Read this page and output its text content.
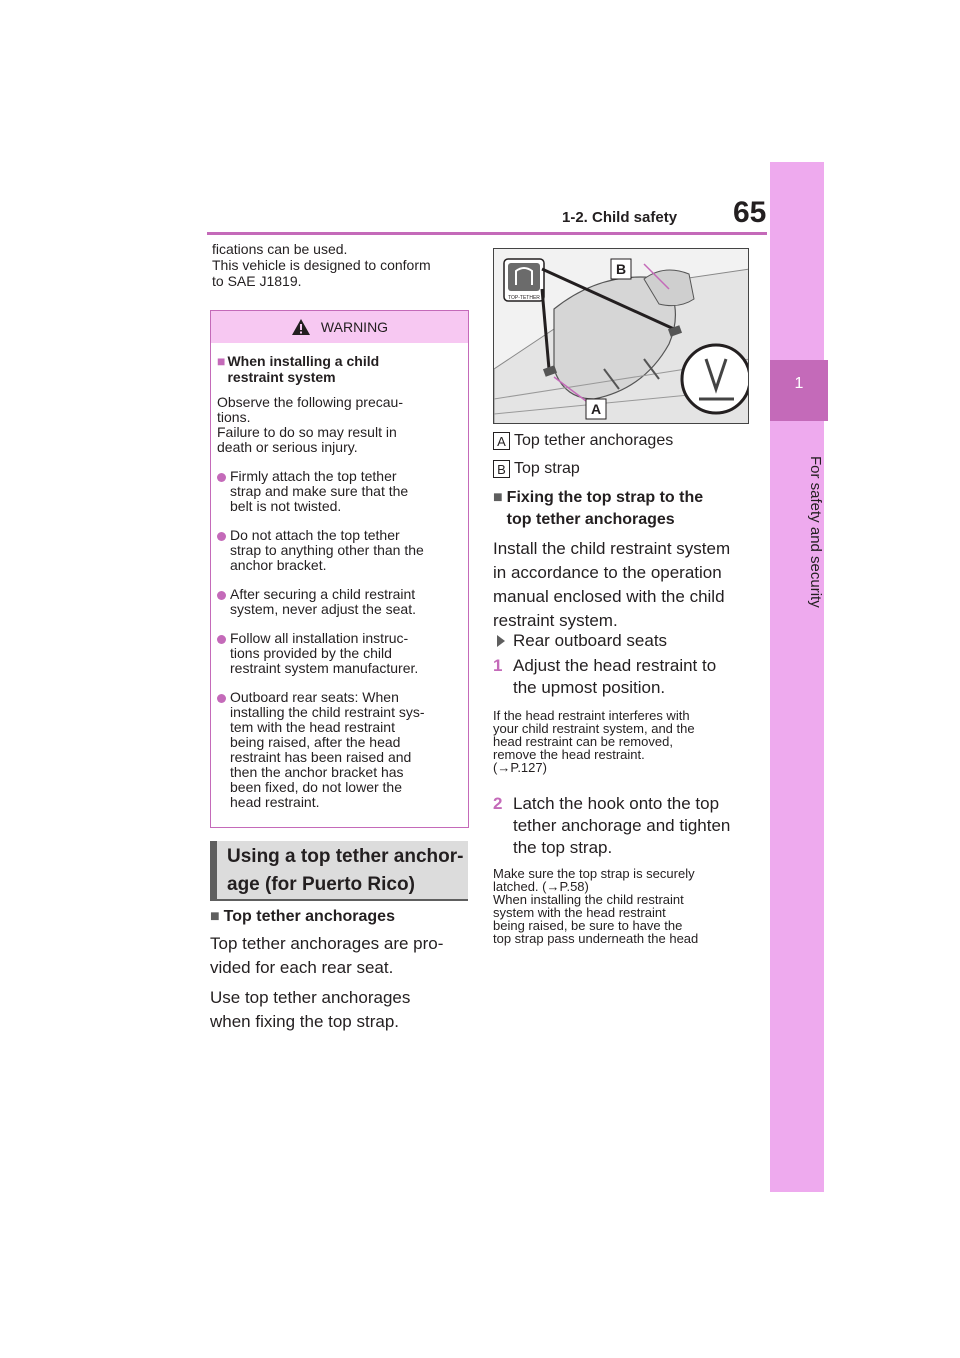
1-2. Child safety 65
1
For safety and security

fications can be used.

This vehicle is designed to conform

to SAE J1819.

WARNING
■ When installing a child
restraint system
Observe the following precau-
tions.
Failure to do so may result in
death or serious injury.
Firmly attach the top tether
strap and make sure that the
belt is not twisted.
Do not attach the top tether
strap to anything other than the
anchor bracket.
After securing a child restraint
system, never adjust the seat.
Follow all installation instruc-
tions provided by the child
restraint system manufacturer.
Outboard rear seats: When
installing the child restraint sys-
tem with the head restraint
being raised, after the head
restraint has been raised and
then the anchor bracket has
been fixed, do not lower the
head restraint.
Using a top tether anchor-
age (for Puerto Rico)
■ Top tether anchorages
Top tether anchorages are pro-
vided for each rear seat.
Use top tether anchorages
when fixing the top strap.
TOP-TETHER
B
A
A Top tether anchorages
B Top strap
■ Fixing the top strap to the
top tether anchorages
Install the child restraint system
in accordance to the operation
manual enclosed with the child
restraint system.
Rear outboard seats
1 Adjust the head restraint to
the upmost position.
If the head restraint interferes with
your child restraint system, and the
head restraint can be removed,
remove the head restraint.
(→P.127)
2 Latch the hook onto the top
tether anchorage and tighten
the top strap.
Make sure the top strap is securely
latched. (→P.58)
When installing the child restraint
system with the head restraint
being raised, be sure to have the
top strap pass underneath the head
